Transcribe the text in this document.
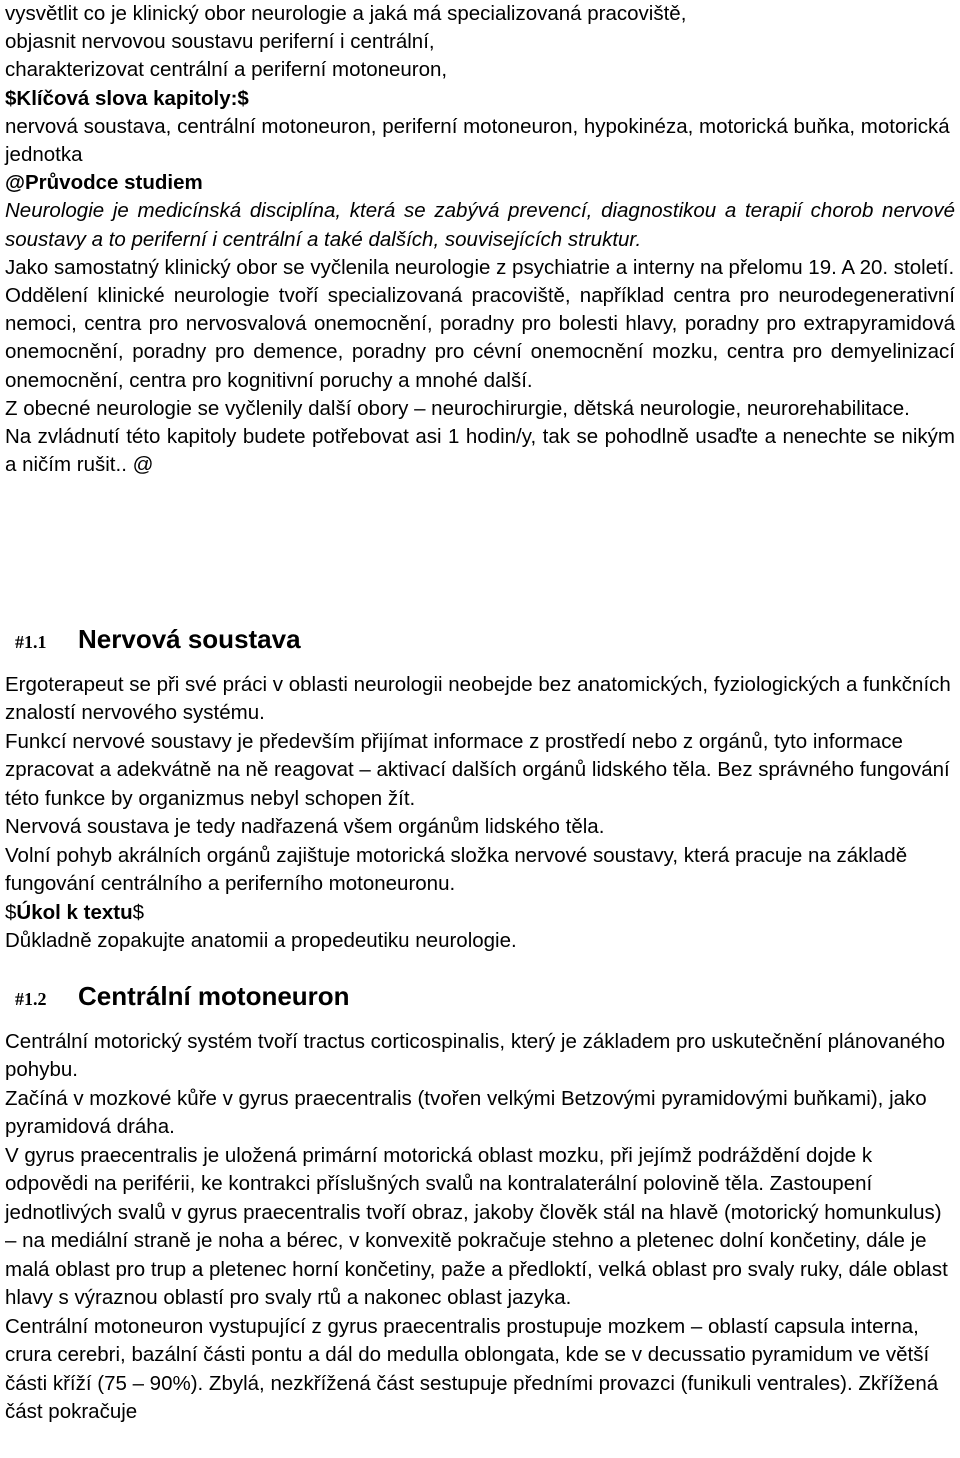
vysvětlit co je klinický obor neurologie a jaká má specializovaná pracoviště,

objasnit nervovou soustavu periferní i centrální,

charakterizovat centrální a periferní motoneuron,

$Klíčová slova kapitoly:$

nervová soustava, centrální motoneuron, periferní motoneuron, hypokinéza, motorická buňka, motorická jednotka

@Průvodce studiem

Neurologie je medicínská disciplína, která se zabývá prevencí, diagnostikou a terapií chorob nervové soustavy a to periferní i centrální a také dalších, souvisejících struktur.

Jako samostatný klinický obor se vyčlenila neurologie z psychiatrie a interny na přelomu 19. A 20. století.

Oddělení klinické neurologie tvoří specializovaná pracoviště, například centra pro neurodegenerativní nemoci, centra pro nervosvalová onemocnění, poradny pro bolesti hlavy, poradny pro extrapyramidová onemocnění, poradny pro demence, poradny pro cévní onemocnění mozku, centra pro demyelinizací onemocnění, centra pro kognitivní poruchy a mnohé další.

Z obecné neurologie se vyčlenily další obory – neurochirurgie, dětská neurologie, neurorehabilitace.

Na zvládnutí této kapitoly budete potřebovat asi 1 hodin/y, tak se pohodlně usaďte a nenechte se nikým a ničím rušit.. @

#1.1	Nervová soustava

Ergoterapeut se při své práci v oblasti neurologii neobejde bez anatomických, fyziologických a funkčních znalostí nervového systému.

Funkcí nervové soustavy je především přijímat informace z prostředí nebo z orgánů, tyto informace zpracovat a adekvátně na ně reagovat – aktivací dalších orgánů lidského těla. Bez správného fungování této funkce by organizmus nebyl schopen žít.

Nervová soustava je tedy nadřazená všem orgánům lidského těla.

Volní pohyb akrálních orgánů zajištuje motorická složka nervové soustavy, která pracuje na základě fungování centrálního a periferního motoneuronu.

$Úkol k textu$

Důkladně zopakujte anatomii a propedeutiku neurologie.

#1.2	Centrální motoneuron

Centrální motorický systém tvoří tractus corticospinalis, který je základem pro uskutečnění plánovaného pohybu.

Začíná v mozkové kůře v gyrus praecentralis (tvořen velkými Betzovými pyramidovými buňkami), jako pyramidová dráha.

V gyrus praecentralis je uložená primární motorická oblast mozku, při jejímž podráždění dojde k odpovědi na periférii, ke kontrakci příslušných svalů na kontralaterální polovině těla. Zastoupení jednotlivých svalů v gyrus praecentralis tvoří obraz, jakoby člověk stál na hlavě (motorický homunkulus) – na mediální straně je noha a bérec, v konvexitě pokračuje stehno a pletenec dolní končetiny, dále je malá oblast pro trup a pletenec horní končetiny, paže a předloktí, velká oblast pro svaly ruky, dále oblast hlavy s výraznou oblastí pro svaly rtů a nakonec oblast jazyka.

Centrální motoneuron vystupující z gyrus praecentralis prostupuje mozkem – oblastí capsula interna, crura cerebri, bazální části pontu a dál do medulla oblongata, kde se v decussatio pyramidum ve větší části kříží (75 – 90%). Zbylá, nezkřížená část sestupuje předními provazci (funikuli ventrales). Zkřížená část pokračuje
